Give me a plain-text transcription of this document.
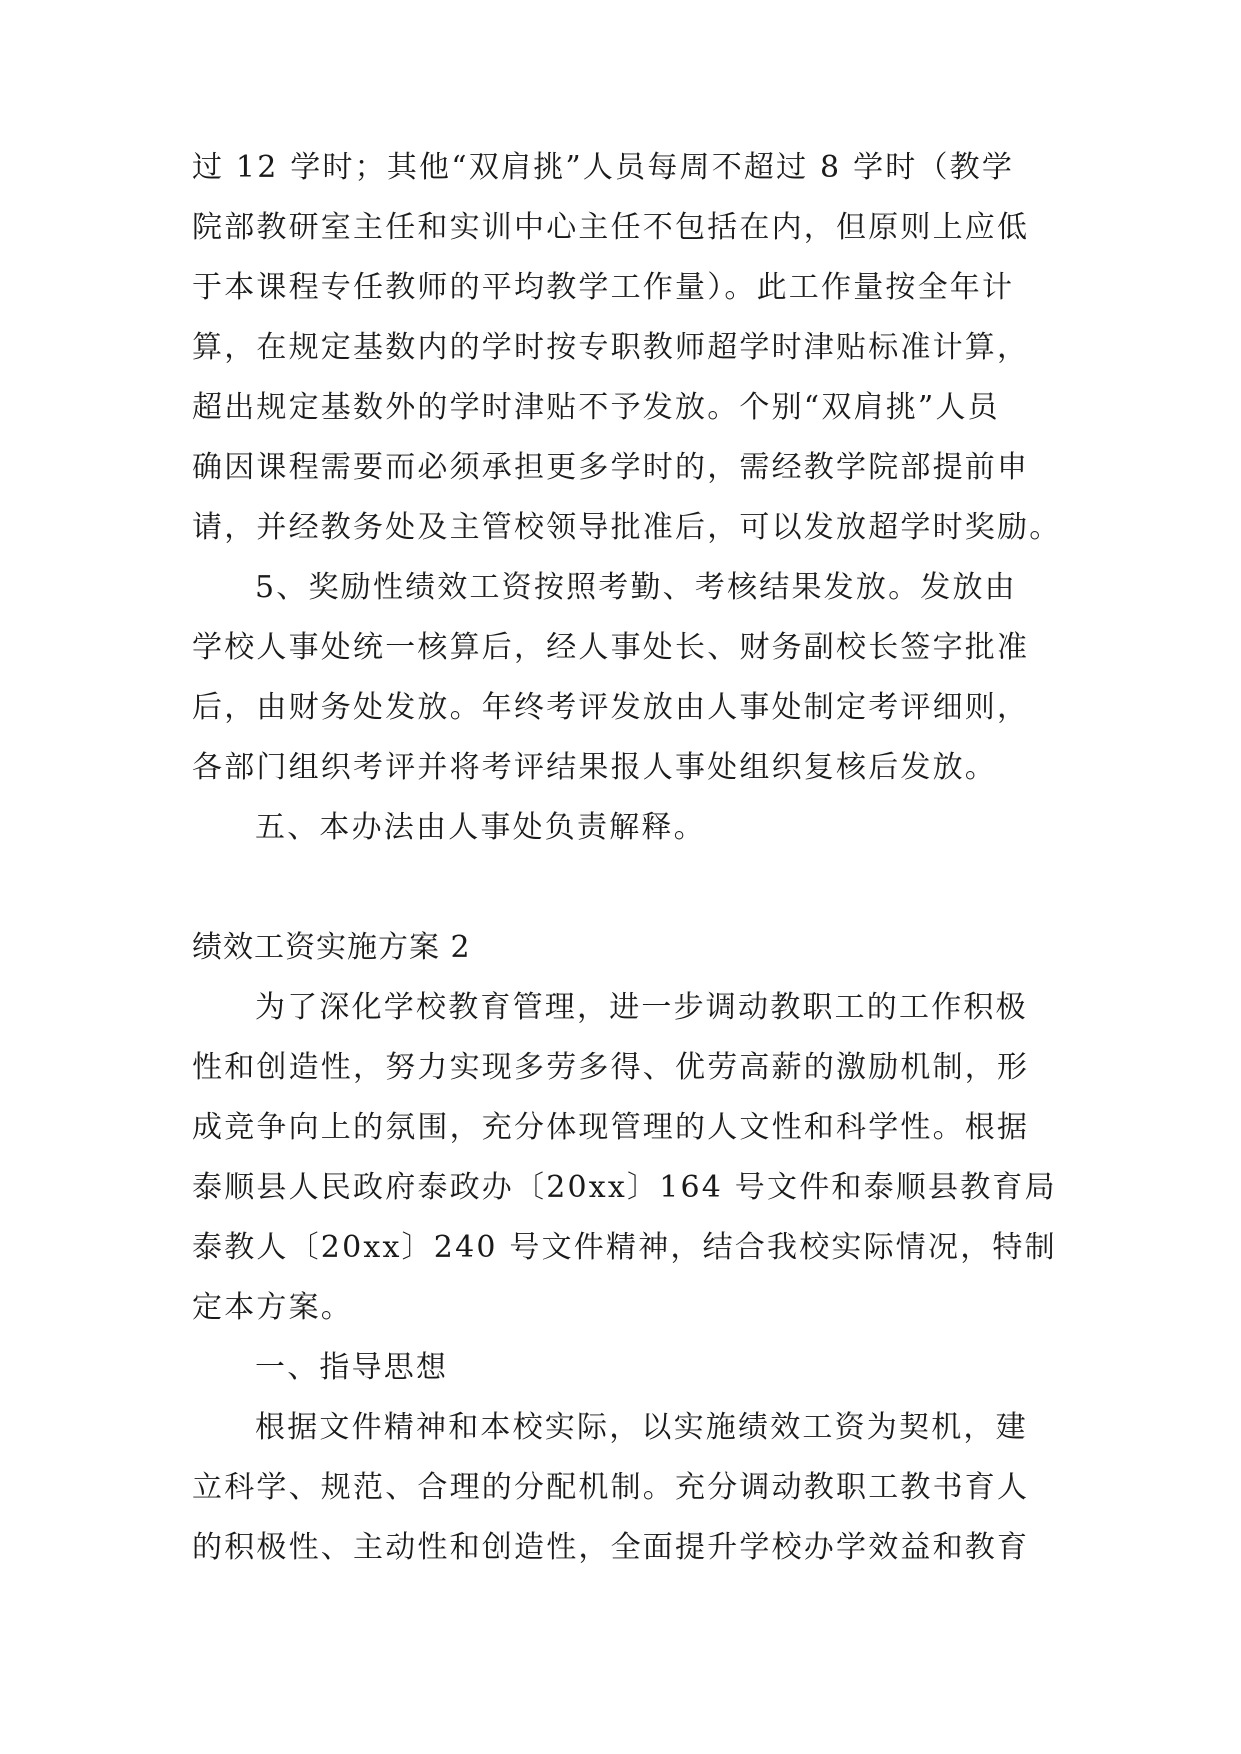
过 12 学时；其他“双肩挑”人员每周不超过 8 学时（教学
院部教研室主任和实训中心主任不包括在内，但原则上应低
于本课程专任教师的平均教学工作量）。此工作量按全年计
算，在规定基数内的学时按专职教师超学时津贴标准计算，
超出规定基数外的学时津贴不予发放。个别“双肩挑”人员
确因课程需要而必须承担更多学时的，需经教学院部提前申
请，并经教务处及主管校领导批准后，可以发放超学时奖励。
5、奖励性绩效工资按照考勤、考核结果发放。发放由
学校人事处统一核算后，经人事处长、财务副校长签字批准
后，由财务处发放。年终考评发放由人事处制定考评细则，
各部门组织考评并将考评结果报人事处组织复核后发放。
五、本办法由人事处负责解释。
绩效工资实施方案 2
为了深化学校教育管理，进一步调动教职工的工作积极
性和创造性，努力实现多劳多得、优劳高薪的激励机制，形
成竞争向上的氛围，充分体现管理的人文性和科学性。根据
泰顺县人民政府泰政办〔20xx〕164 号文件和泰顺县教育局
泰教人〔20xx〕240 号文件精神，结合我校实际情况，特制
定本方案。
一、指导思想
根据文件精神和本校实际，以实施绩效工资为契机，建
立科学、规范、合理的分配机制。充分调动教职工教书育人
的积极性、主动性和创造性，全面提升学校办学效益和教育
